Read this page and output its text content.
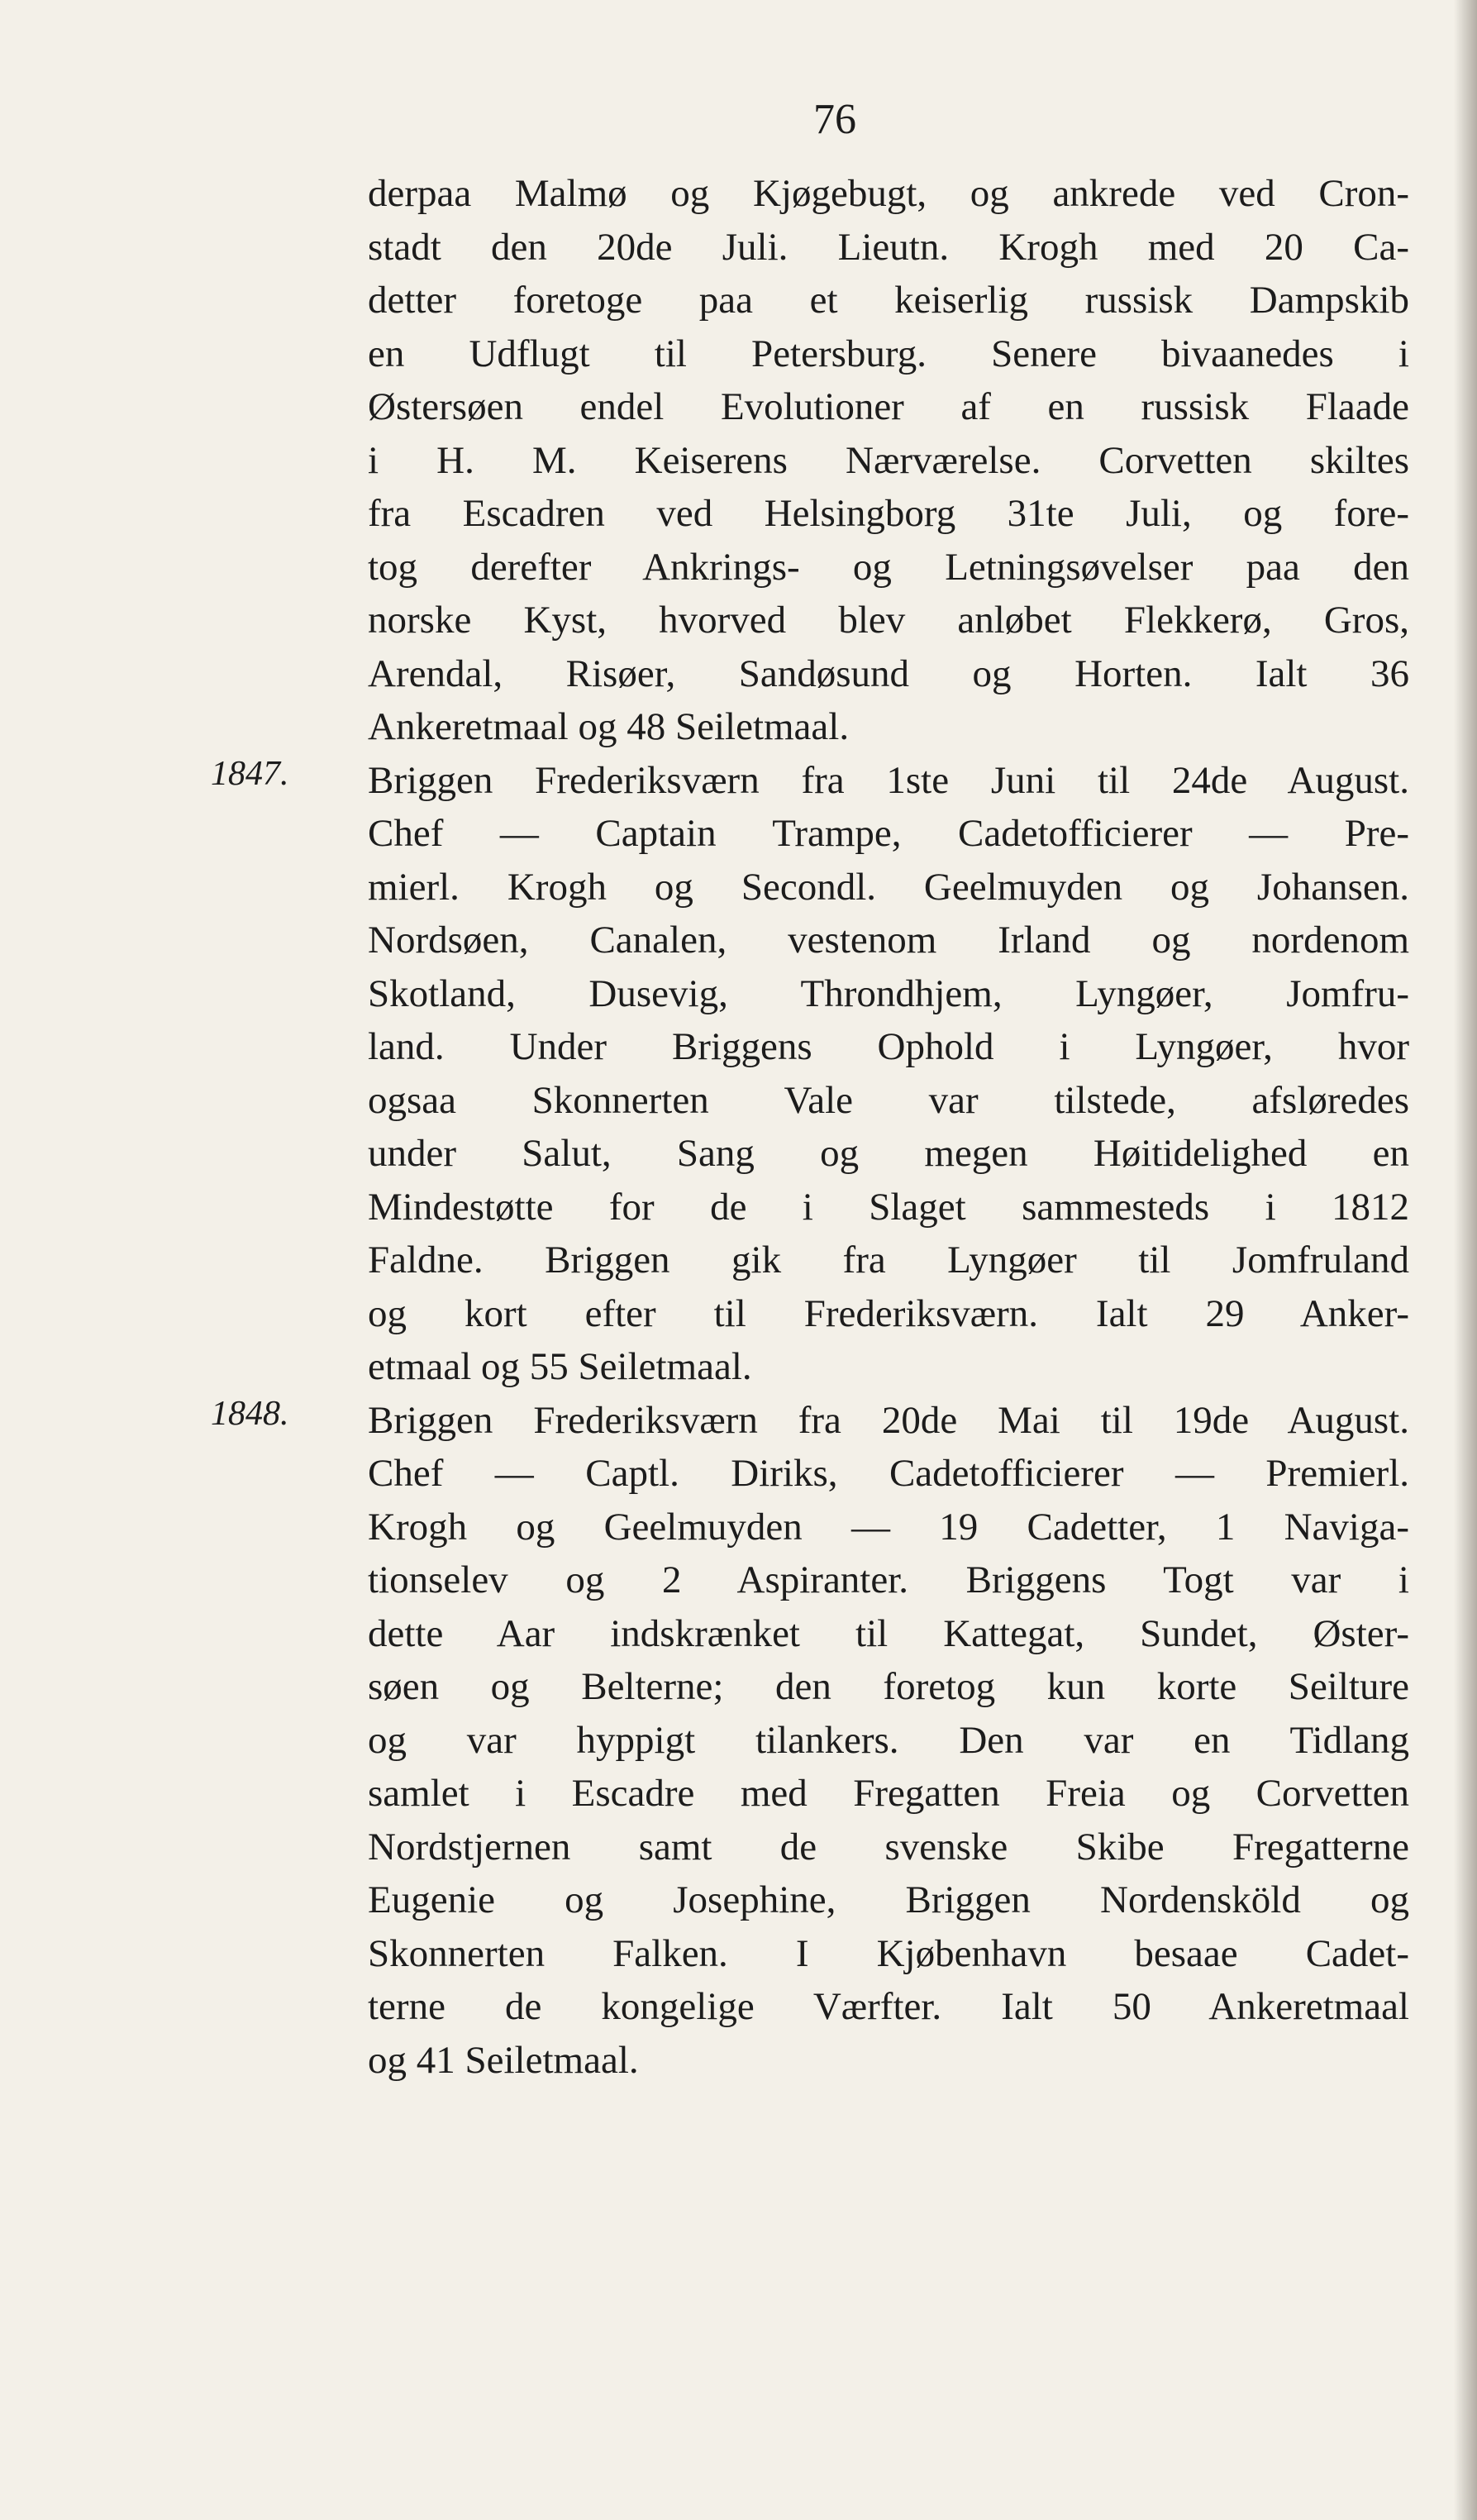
76
derpaa Malmø og Kjøgebugt, og ankrede ved Cron-
stadt den 20de Juli. Lieutn. Krogh med 20 Ca-
detter foretoge paa et keiserlig russisk Dampskib
en Udflugt til Petersburg. Senere bivaanedes i
Østersøen endel Evolutioner af en russisk Flaade
i H. M. Keiserens Nærværelse. Corvetten skiltes
fra Escadren ved Helsingborg 31te Juli, og fore-
tog derefter Ankrings- og Letningsøvelser paa den
norske Kyst, hvorved blev anløbet Flekkerø, Gros,
Arendal, Risøer, Sandøsund og Horten. Ialt 36
Ankeretmaal og 48 Seiletmaal.
1847. Briggen Frederiksværn fra 1ste Juni til 24de August.
Chef — Captain Trampe, Cadetofficierer — Pre-
mierl. Krogh og Secondl. Geelmuyden og Johansen.
Nordsøen, Canalen, vestenom Irland og nordenom
Skotland, Dusevig, Throndhjem, Lyngøer, Jomfru-
land. Under Briggens Ophold i Lyngøer, hvor
ogsaa Skonnerten Vale var tilstede, afsløredes
under Salut, Sang og megen Høitidelighed en
Mindestøtte for de i Slaget sammesteds i 1812
Faldne. Briggen gik fra Lyngøer til Jomfruland
og kort efter til Frederiksværn. Ialt 29 Anker-
etmaal og 55 Seiletmaal.
1848. Briggen Frederiksværn fra 20de Mai til 19de August.
Chef — Captl. Diriks, Cadetofficierer — Premierl.
Krogh og Geelmuyden — 19 Cadetter, 1 Naviga-
tionselev og 2 Aspiranter. Briggens Togt var i
dette Aar indskrænket til Kattegat, Sundet, Øster-
søen og Belterne; den foretog kun korte Seilture
og var hyppigt tilankers. Den var en Tidlang
samlet i Escadre med Fregatten Freia og Corvetten
Nordstjernen samt de svenske Skibe Fregatterne
Eugenie og Josephine, Briggen Nordensköld og
Skonnerten Falken. I Kjøbenhavn besaae Cadet-
terne de kongelige Værfter. Ialt 50 Ankeretmaal
og 41 Seiletmaal.
